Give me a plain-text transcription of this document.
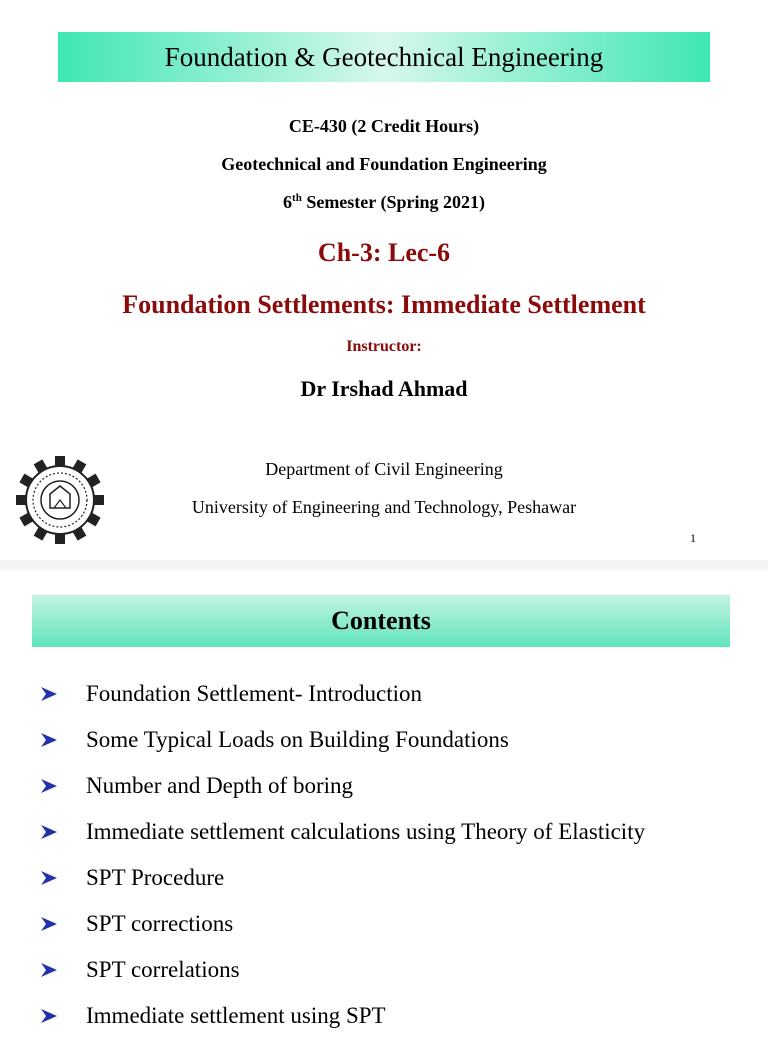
Foundation & Geotechnical Engineering
CE-430 (2 Credit Hours)
Geotechnical and Foundation Engineering
6th Semester (Spring 2021)
Ch-3: Lec-6
Foundation Settlements: Immediate Settlement
Instructor:
Dr Irshad Ahmad
Department of Civil Engineering
University of Engineering and Technology, Peshawar
1
Contents
Foundation Settlement- Introduction
Some Typical Loads on Building Foundations
Number and Depth of boring
Immediate settlement calculations using Theory of Elasticity
SPT Procedure
SPT corrections
SPT correlations
Immediate settlement using SPT
